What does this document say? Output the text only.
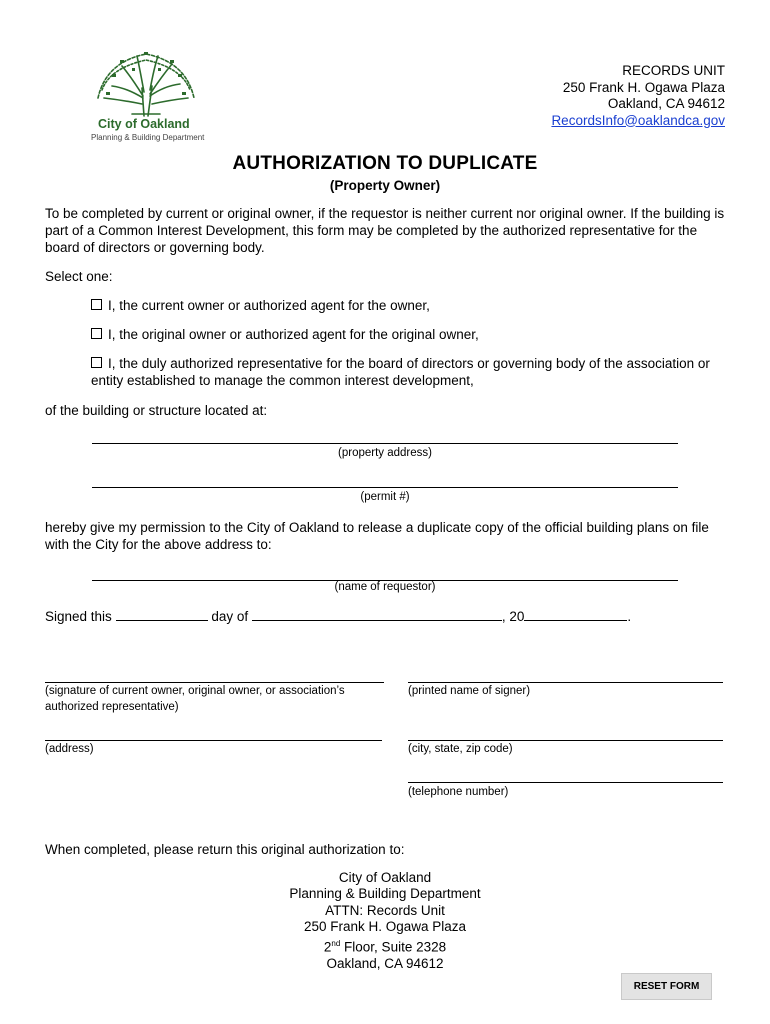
City of Oakland
Planning & Building Department
RECORDS UNIT
250 Frank H. Ogawa Plaza
Oakland, CA 94612
RecordsInfo@oaklandca.gov
AUTHORIZATION TO DUPLICATE
(Property Owner)
To be completed by current or original owner, if the requestor is neither current nor original owner. If the building is part of a Common Interest Development, this form may be completed by the authorized representative for the board of directors or governing body.
Select one:
I, the current owner or authorized agent for the owner,
I, the original owner or authorized agent for the original owner,
I, the duly authorized representative for the board of directors or governing body of the association or entity established to manage the common interest development,
of the building or structure located at:
(property address)
(permit #)
hereby give my permission to the City of Oakland to release a duplicate copy of the official building plans on file with the City for the above address to:
(name of requestor)
Signed this	day of	, 20	.
(signature of current owner, original owner, or association’s authorized representative)
(printed name of signer)
(address)	(city, state, zip code)
(telephone number)
When completed, please return this original authorization to:
City of Oakland
Planning & Building Department
ATTN: Records Unit
250 Frank H. Ogawa Plaza
2nd Floor, Suite 2328
Oakland, CA 94612
RESET FORM
